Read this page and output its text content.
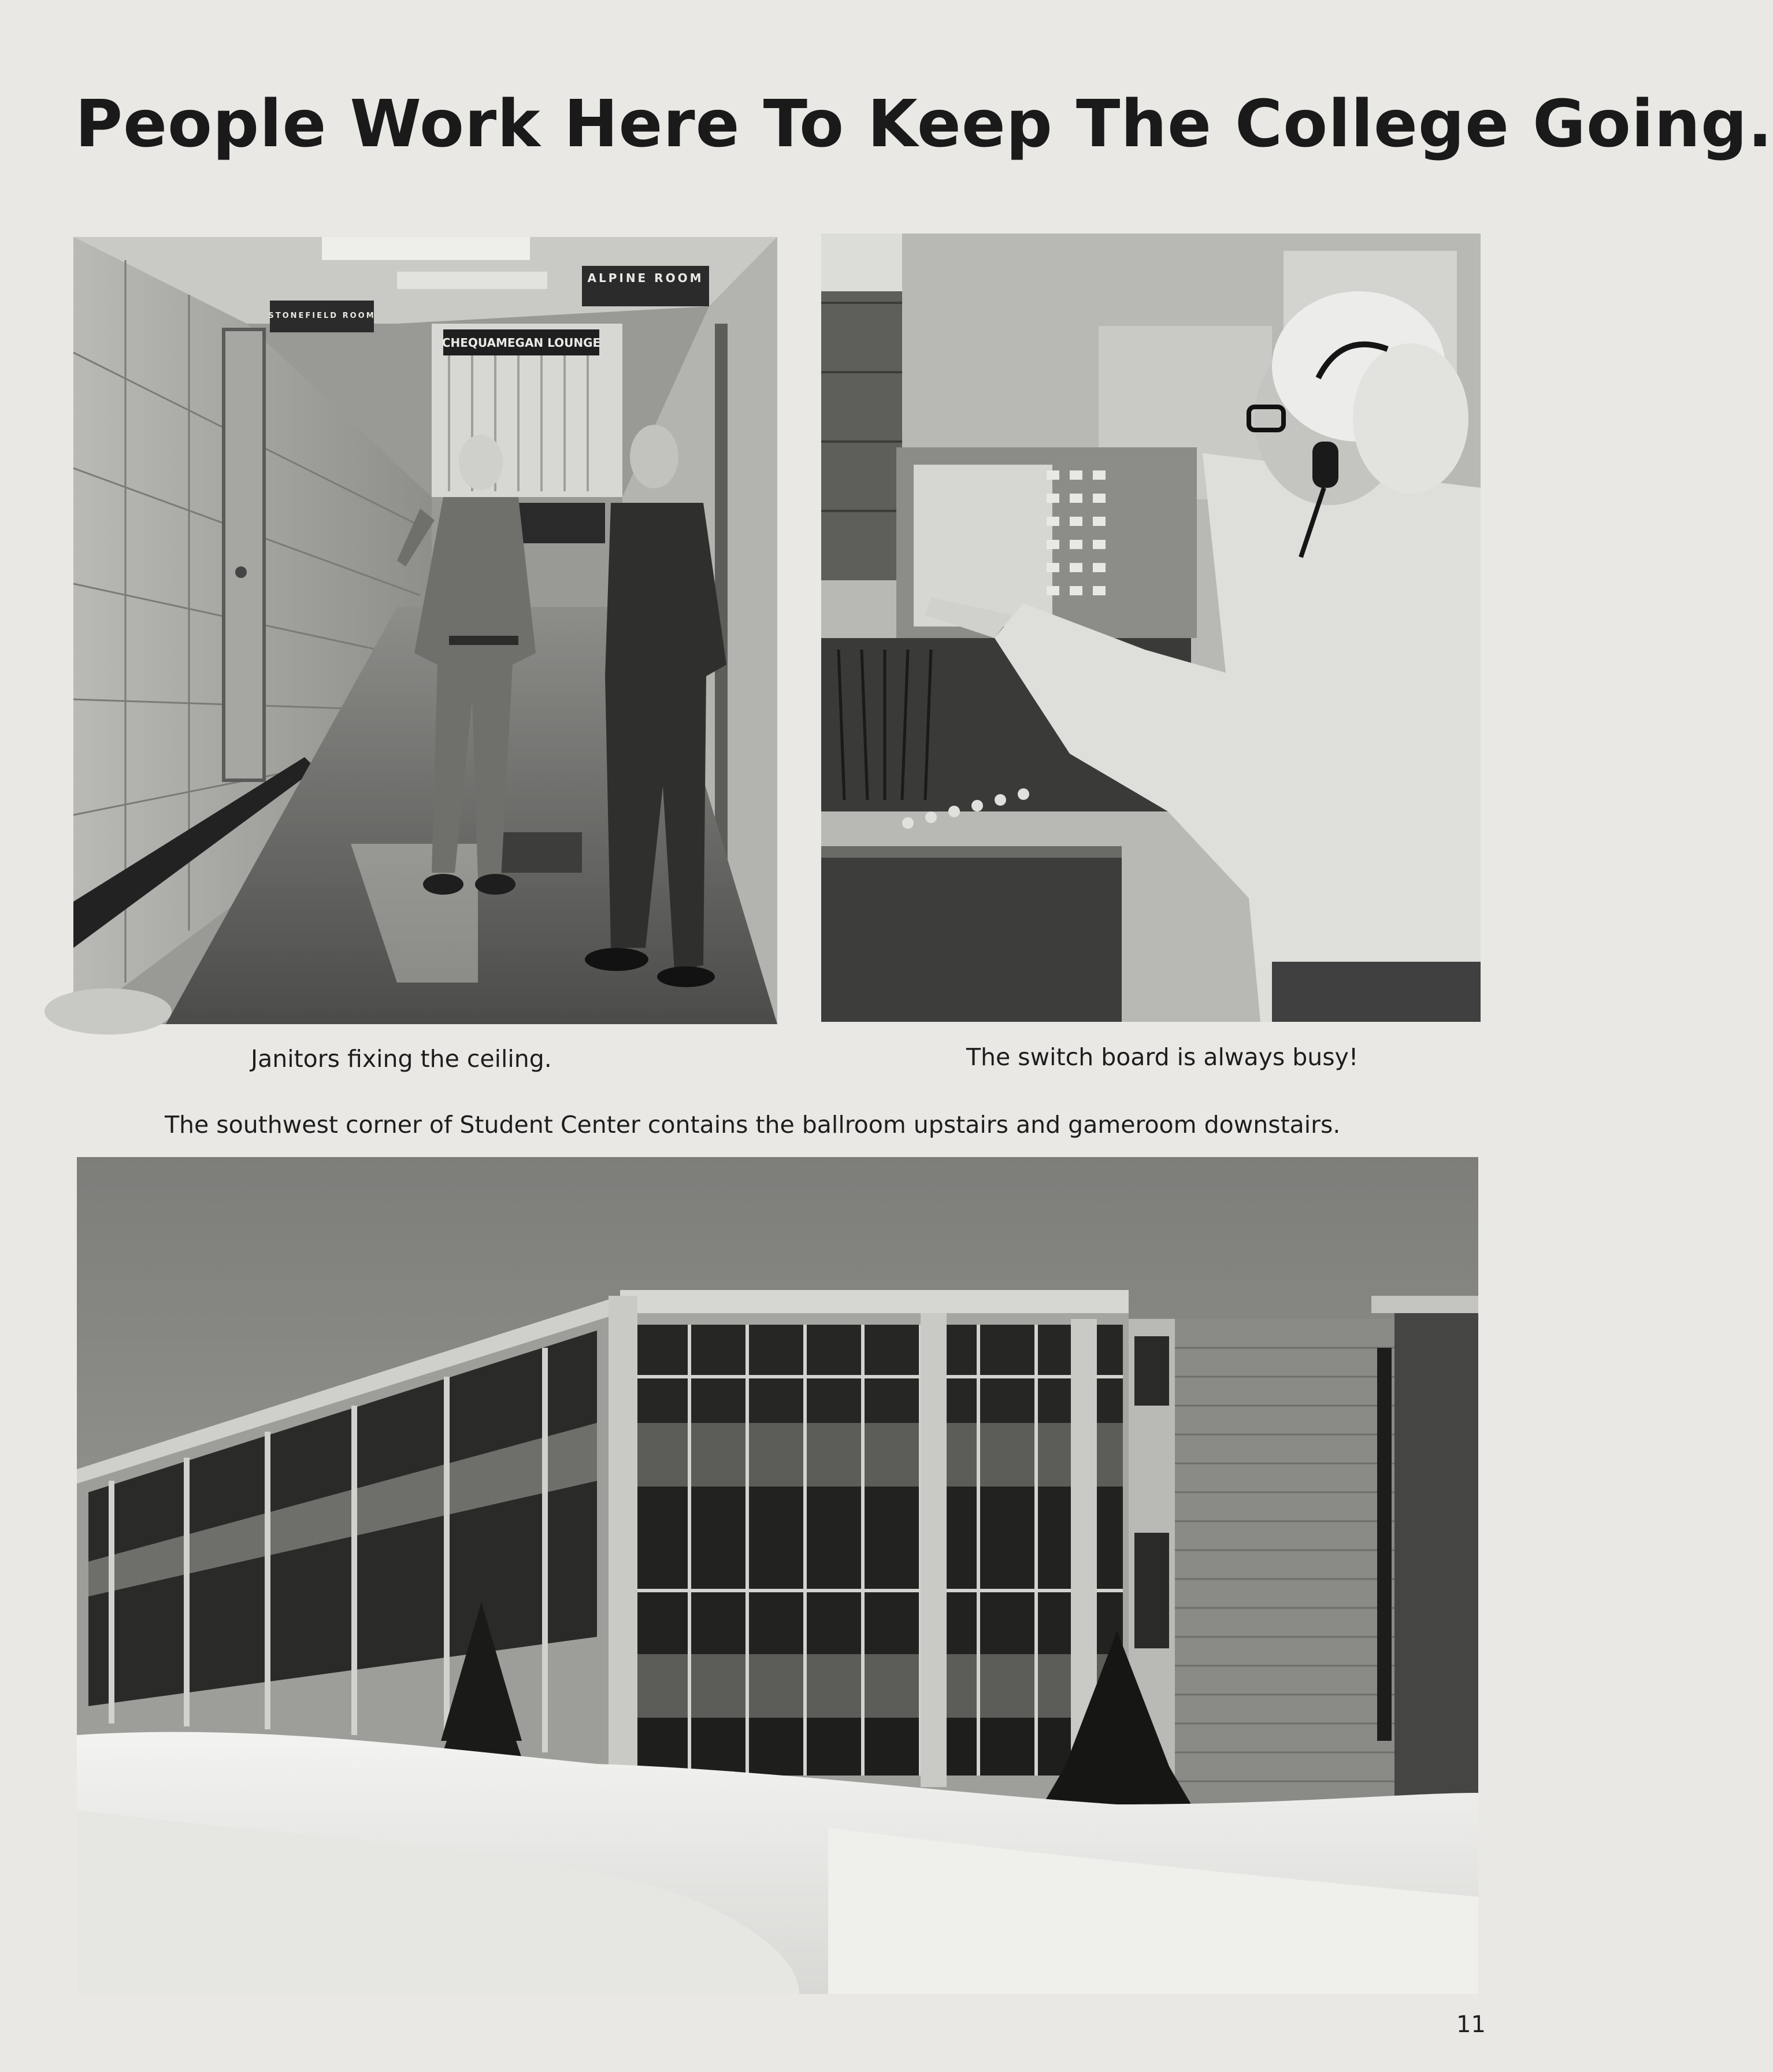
People Work Here To Keep The College Going.
ALPINE ROOM
STONEFIELD ROOM
CHEQUAMEGAN LOUNGE
Janitors fixing the ceiling.	The switch board is always busy!
The southwest corner of Student Center contains the ballroom upstairs and gameroom downstairs.
11
